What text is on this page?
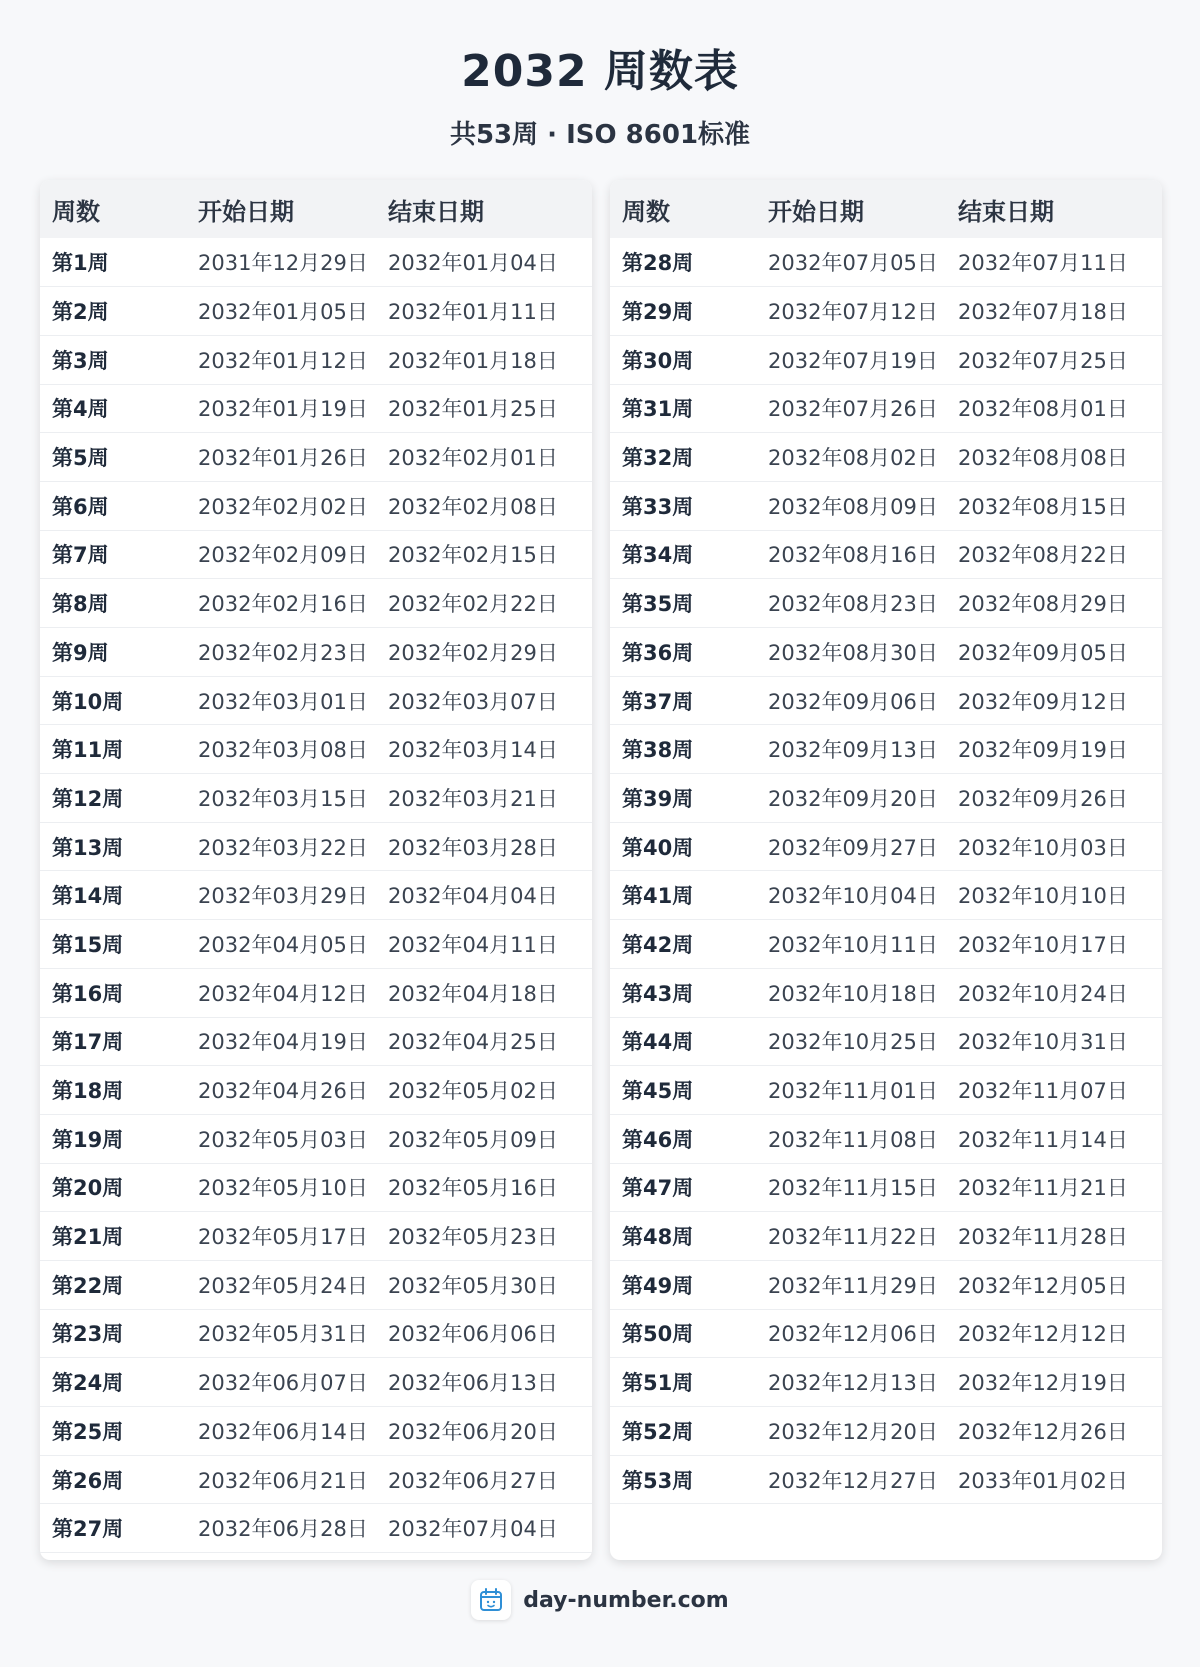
2032 周数表
共53周 · ISO 8601标准
周数	开始日期	结束日期
第1周	2031年12月29日	2032年01月04日
第2周	2032年01月05日	2032年01月11日
第3周	2032年01月12日	2032年01月18日
第4周	2032年01月19日	2032年01月25日
第5周	2032年01月26日	2032年02月01日
第6周	2032年02月02日	2032年02月08日
第7周	2032年02月09日	2032年02月15日
第8周	2032年02月16日	2032年02月22日
第9周	2032年02月23日	2032年02月29日
第10周	2032年03月01日	2032年03月07日
第11周	2032年03月08日	2032年03月14日
第12周	2032年03月15日	2032年03月21日
第13周	2032年03月22日	2032年03月28日
第14周	2032年03月29日	2032年04月04日
第15周	2032年04月05日	2032年04月11日
第16周	2032年04月12日	2032年04月18日
第17周	2032年04月19日	2032年04月25日
第18周	2032年04月26日	2032年05月02日
第19周	2032年05月03日	2032年05月09日
第20周	2032年05月10日	2032年05月16日
第21周	2032年05月17日	2032年05月23日
第22周	2032年05月24日	2032年05月30日
第23周	2032年05月31日	2032年06月06日
第24周	2032年06月07日	2032年06月13日
第25周	2032年06月14日	2032年06月20日
第26周	2032年06月21日	2032年06月27日
第27周	2032年06月28日	2032年07月04日
周数	开始日期	结束日期
第28周	2032年07月05日	2032年07月11日
第29周	2032年07月12日	2032年07月18日
第30周	2032年07月19日	2032年07月25日
第31周	2032年07月26日	2032年08月01日
第32周	2032年08月02日	2032年08月08日
第33周	2032年08月09日	2032年08月15日
第34周	2032年08月16日	2032年08月22日
第35周	2032年08月23日	2032年08月29日
第36周	2032年08月30日	2032年09月05日
第37周	2032年09月06日	2032年09月12日
第38周	2032年09月13日	2032年09月19日
第39周	2032年09月20日	2032年09月26日
第40周	2032年09月27日	2032年10月03日
第41周	2032年10月04日	2032年10月10日
第42周	2032年10月11日	2032年10月17日
第43周	2032年10月18日	2032年10月24日
第44周	2032年10月25日	2032年10月31日
第45周	2032年11月01日	2032年11月07日
第46周	2032年11月08日	2032年11月14日
第47周	2032年11月15日	2032年11月21日
第48周	2032年11月22日	2032年11月28日
第49周	2032年11月29日	2032年12月05日
第50周	2032年12月06日	2032年12月12日
第51周	2032年12月13日	2032年12月19日
第52周	2032年12月20日	2032年12月26日
第53周	2032年12月27日	2033年01月02日
day-number.com
